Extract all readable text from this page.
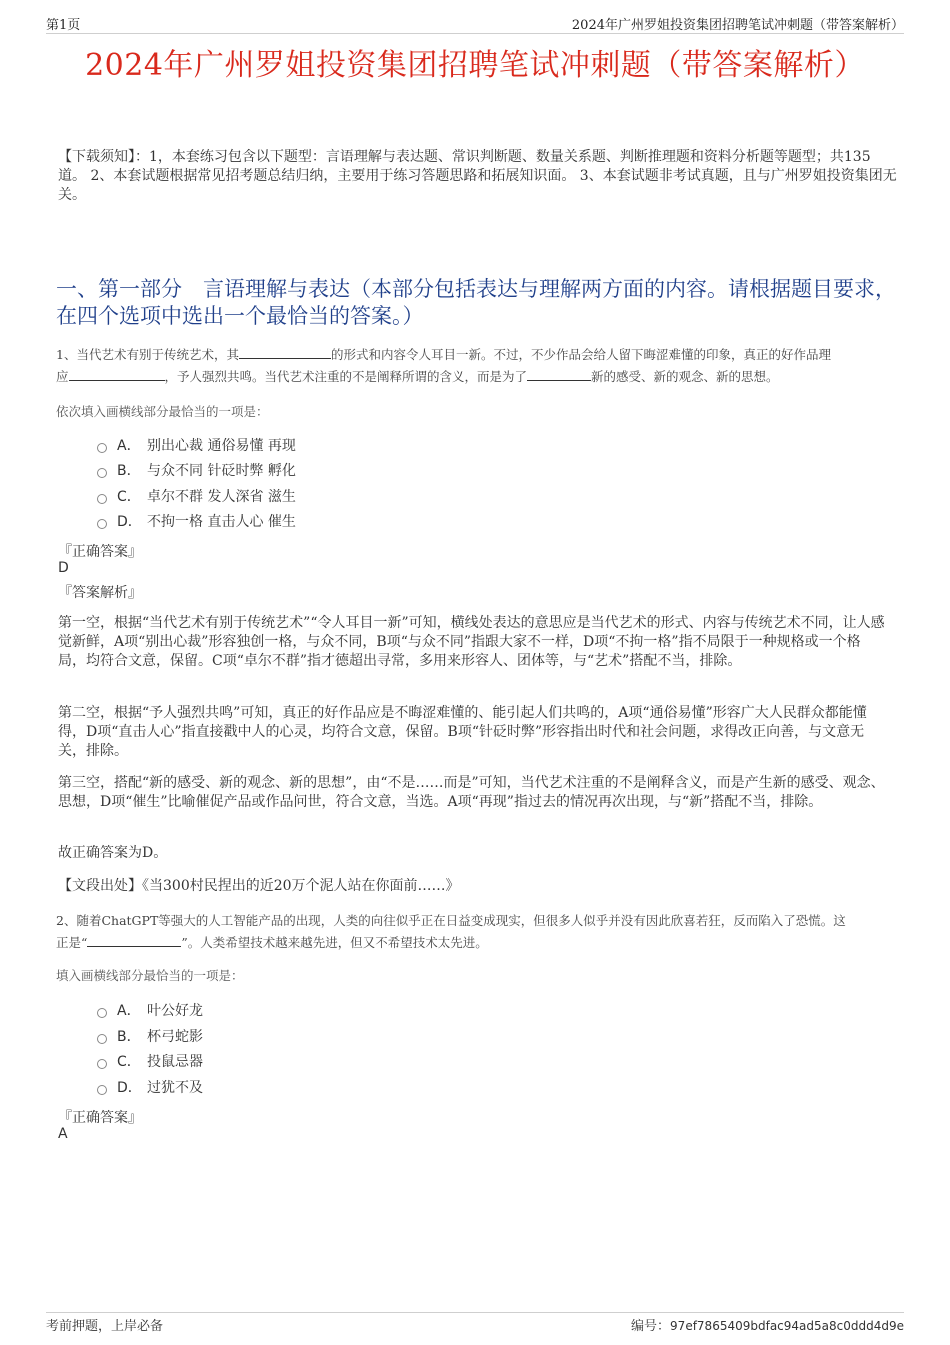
第1页	2024年广州罗姐投资集团招聘笔试冲刺题（带答案解析）
2024年广州罗姐投资集团招聘笔试冲刺题（带答案解析）
【下载须知】：1，本套练习包含以下题型：言语理解与表达题、常识判断题、数量关系题、判断推理题和资料分析题等题型；共135道。 2、本套试题根据常见招考题总结归纳，主要用于练习答题思路和拓展知识面。 3、本套试题非考试真题，且与广州罗姐投资集团无关。
一、第一部分　言语理解与表达（本部分包括表达与理解两方面的内容。请根据题目要求，在四个选项中选出一个最恰当的答案。）
1、当代艺术有别于传统艺术，其	的形式和内容令人耳目一新。不过，不少作品会给人留下晦涩难懂的印象，真正的好作品理
应	，予人强烈共鸣。当代艺术注重的不是阐释所谓的含义，而是为了	新的感受、新的观念、新的思想。
依次填入画横线部分最恰当的一项是：
A． 别出心裁 通俗易懂 再现
B． 与众不同 针砭时弊 孵化
C． 卓尔不群 发人深省 滋生
D． 不拘一格 直击人心 催生
『正确答案』
D
『答案解析』
第一空，根据“当代艺术有别于传统艺术”“令人耳目一新”可知，横线处表达的意思应是当代艺术的形式、内容与传统艺术不同，让人感觉新鲜，A项“别出心裁”形容独创一格，与众不同，B项“与众不同”指跟大家不一样，D项“不拘一格”指不局限于一种规格或一个格局，均符合文意，保留。C项“卓尔不群”指才德超出寻常，多用来形容人、团体等，与“艺术”搭配不当，排除。
第二空，根据“予人强烈共鸣”可知，真正的好作品应是不晦涩难懂的、能引起人们共鸣的，A项“通俗易懂”形容广大人民群众都能懂得，D项“直击人心”指直接戳中人的心灵，均符合文意，保留。B项“针砭时弊”形容指出时代和社会问题，求得改正向善，与文意无关，排除。
第三空，搭配“新的感受、新的观念、新的思想”，由“不是……而是”可知，当代艺术注重的不是阐释含义，而是产生新的感受、观念、思想，D项“催生”比喻催促产品或作品问世，符合文意，当选。A项“再现”指过去的情况再次出现，与“新”搭配不当，排除。
故正确答案为D。
【文段出处】《当300村民捏出的近20万个泥人站在你面前……》
2、随着ChatGPT等强大的人工智能产品的出现，人类的向往似乎正在日益变成现实，但很多人似乎并没有因此欣喜若狂，反而陷入了恐慌。这
正是“	”。人类希望技术越来越先进，但又不希望技术太先进。
填入画横线部分最恰当的一项是：
A． 叶公好龙
B． 杯弓蛇影
C． 投鼠忌器
D． 过犹不及
『正确答案』
A
考前押题，上岸必备	编号：97ef7865409bdfac94ad5a8c0ddd4d9e
